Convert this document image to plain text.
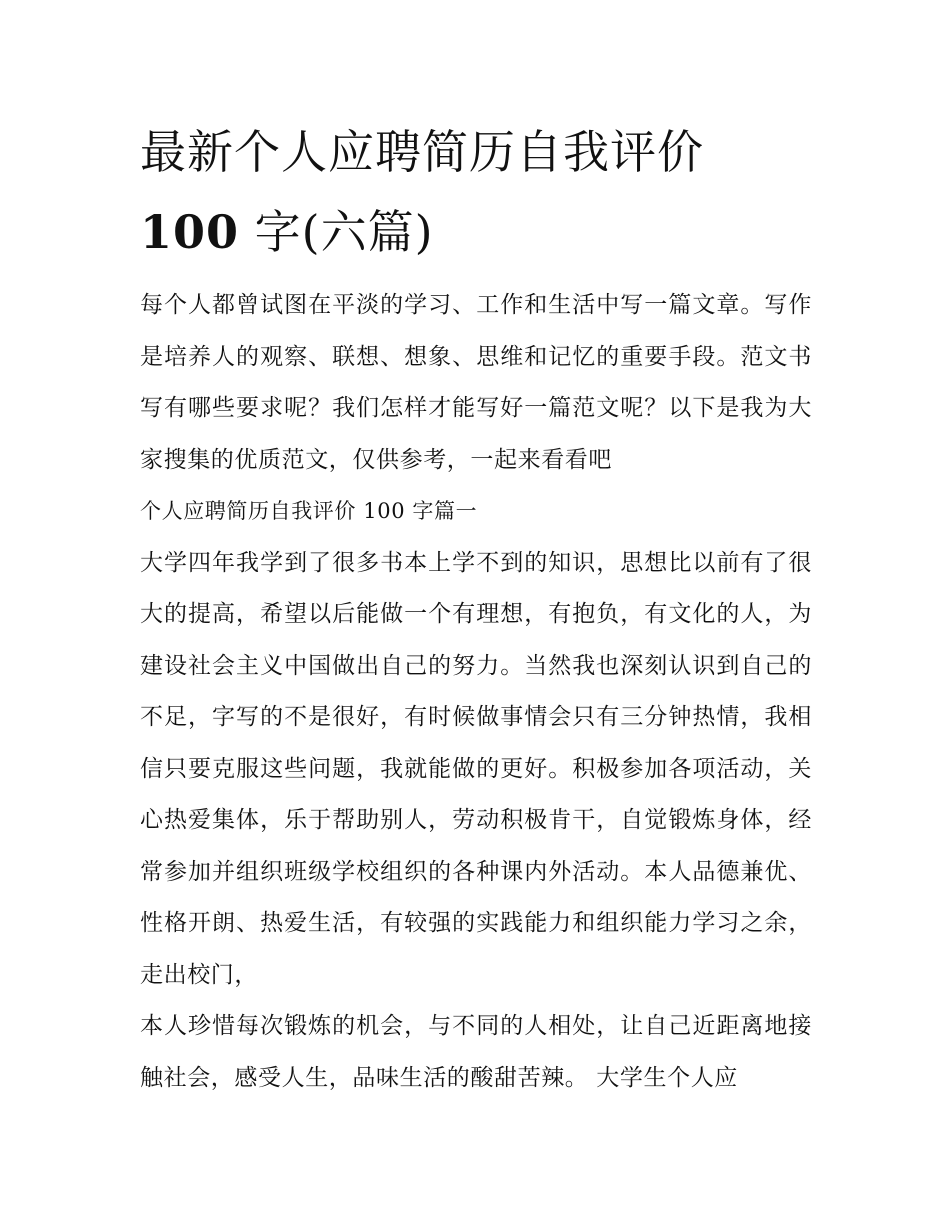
最新个人应聘简历自我评价
100 字(六篇)

每个人都曾试图在平淡的学习、工作和生活中写一篇文章。写作是培养人的观察、联想、想象、思维和记忆的重要手段。范文书写有哪些要求呢？我们怎样才能写好一篇范文呢？以下是我为大家搜集的优质范文，仅供参考，一起来看看吧

个人应聘简历自我评价 100 字篇一

大学四年我学到了很多书本上学不到的知识，思想比以前有了很大的提高，希望以后能做一个有理想，有抱负，有文化的人，为建设社会主义中国做出自己的努力。当然我也深刻认识到自己的不足，字写的不是很好，有时候做事情会只有三分钟热情，我相信只要克服这些问题，我就能做的更好。积极参加各项活动，关心热爱集体，乐于帮助别人，劳动积极肯干，自觉锻炼身体，经常参加并组织班级学校组织的各种课内外活动。本人品德兼优、性格开朗、热爱生活，有较强的实践能力和组织能力学习之余，走出校门，

本人珍惜每次锻炼的机会，与不同的人相处，让自己近距离地接触社会，感受人生，品味生活的酸甜苦辣。 大学生个人应
